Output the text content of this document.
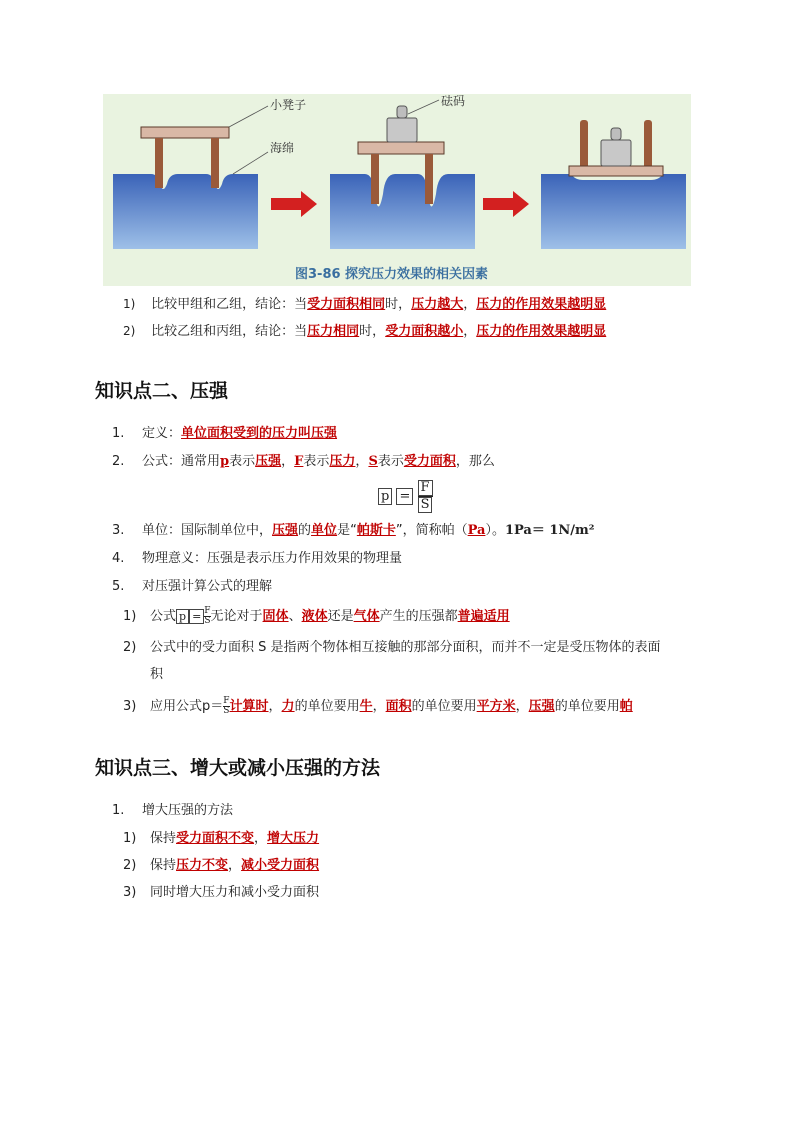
小凳子
海绵
砝码
图3-86 探究压力效果的相关因素
1) 比较甲组和乙组，结论：当受力面积相同时，压力越大，压力的作用效果越明显
2) 比较乙组和丙组，结论：当压力相同时，受力面积越小，压力的作用效果越明显
知识点二、压强
1. 定义：单位面积受到的压力叫压强
2. 公式：通常用p表示压强，F表示压力，S表示受力面积，那么
$p = \frac{F}{S}$
3. 单位：国际制单位中，压强的单位是“帕斯卡”，简称帕（Pa）。1Pa＝ 1N/m²
4. 物理意义：压强是表示压力作用效果的物理量
5. 对压强计算公式的理解
1) 公式 $p = \frac{F}{S}$ 无论对于固体、液体还是气体产生的压强都普遍适用
2) 公式中的受力面积 S 是指两个物体相互接触的那部分面积，而并不一定是受压物体的表面
积
3) 应用公式$p= \frac{F}{S}$ 计算时，力的单位要用牛，面积的单位要用平方米，压强的单位要用帕
知识点三、增大或减小压强的方法
1. 增大压强的方法
1) 保持受力面积不变，增大压力
2) 保持压力不变，减小受力面积
3) 同时增大压力和减小受力面积
